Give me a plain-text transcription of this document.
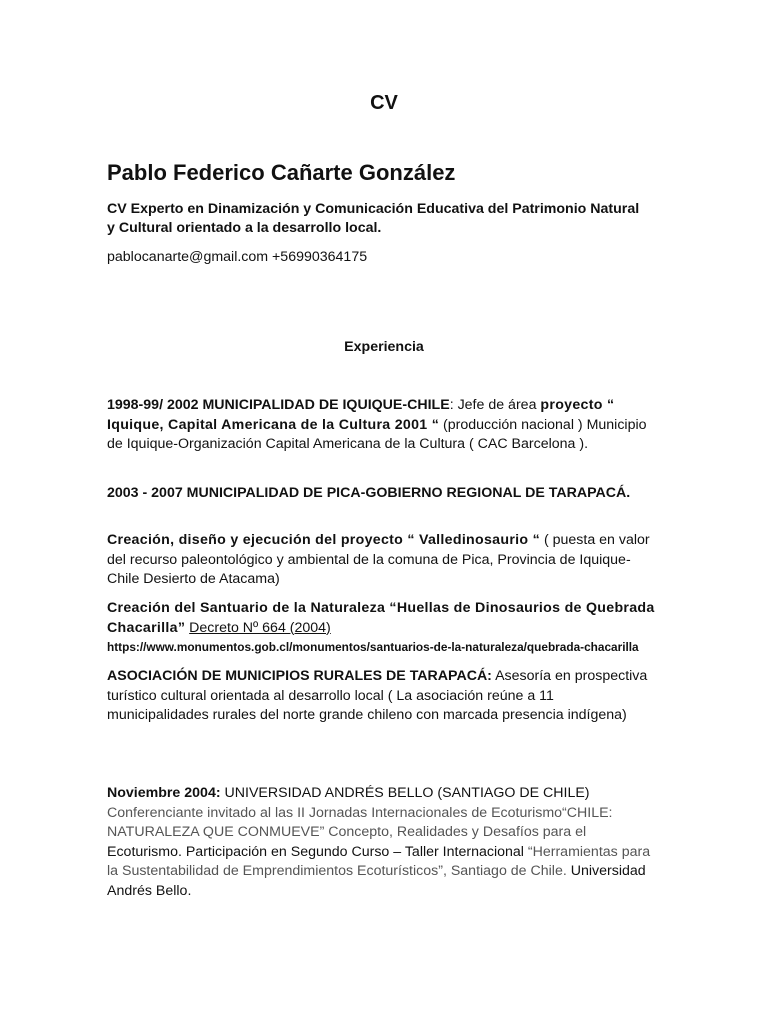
CV
Pablo Federico Cañarte González

CV Experto en Dinamización y Comunicación Educativa del Patrimonio Natural y Cultural orientado a la desarrollo local.

pablocanarte@gmail.com +56990364175

Experiencia

1998-99/ 2002 MUNICIPALIDAD DE IQUIQUE-CHILE: Jefe de área proyecto “ Iquique, Capital Americana de la Cultura 2001 “ (producción nacional ) Municipio de Iquique-Organización Capital Americana de la Cultura ( CAC Barcelona ).

2003 - 2007 MUNICIPALIDAD DE PICA-GOBIERNO REGIONAL DE TARAPACÁ.

Creación, diseño y ejecución del proyecto “ Valledinosaurio “ ( puesta en valor del recurso paleontológico y ambiental de la comuna de Pica, Provincia de Iquique- Chile Desierto de Atacama)

Creación del Santuario de la Naturaleza “Huellas de Dinosaurios de Quebrada Chacarilla” Decreto Nº 664 (2004)

https://www.monumentos.gob.cl/monumentos/santuarios-de-la-naturaleza/quebrada-chacarilla

ASOCIACIÓN DE MUNICIPIOS RURALES DE TARAPACÁ: Asesoría en prospectiva turístico cultural orientada al desarrollo local ( La asociación reúne a 11 municipalidades rurales del norte grande chileno con marcada presencia indígena)

Noviembre 2004: UNIVERSIDAD ANDRÉS BELLO (SANTIAGO DE CHILE)
Conferenciante invitado al las II Jornadas Internacionales de Ecoturismo“CHILE: NATURALEZA QUE CONMUEVE” Concepto, Realidades y Desafíos para el Ecoturismo. Participación en Segundo Curso – Taller Internacional “Herramientas para la Sustentabilidad de Emprendimientos Ecoturísticos”, Santiago de Chile. Universidad Andrés Bello.
